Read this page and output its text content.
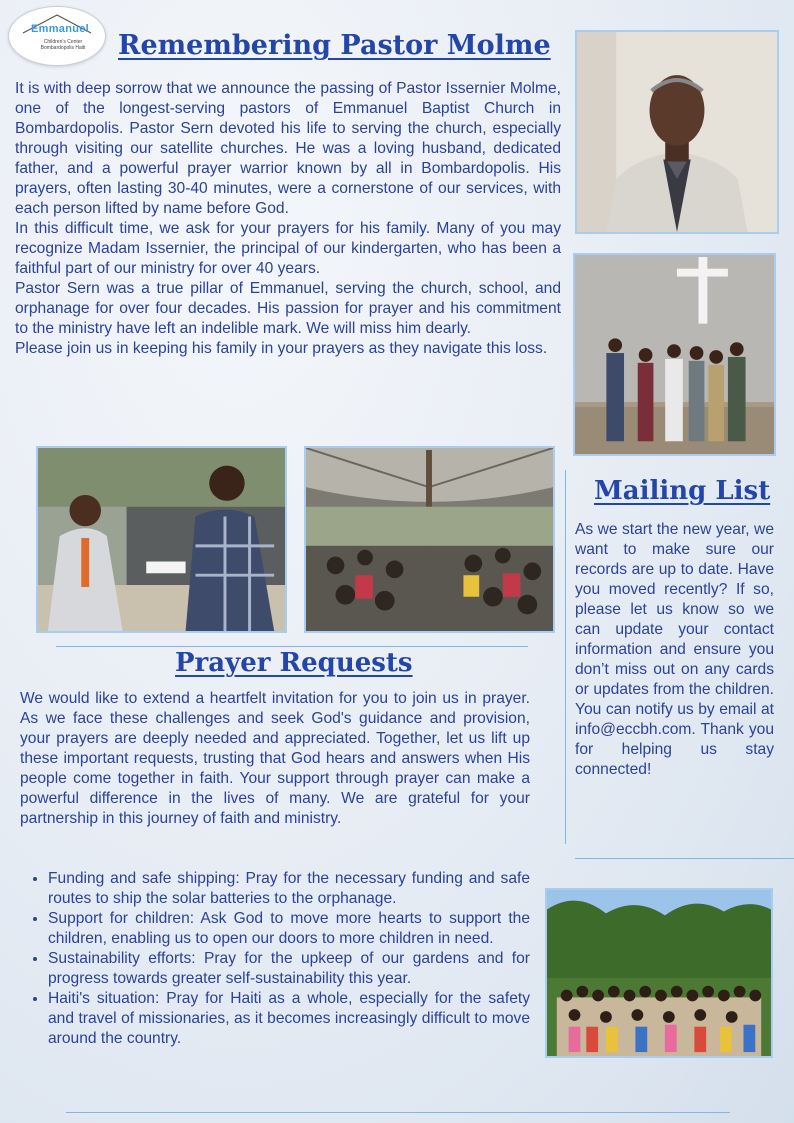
Emmanuel
Children's Center Bombardopolis Haiti Remembering Pastor Molme

It is with deep sorrow that we announce the passing of Pastor Issernier Molme, one of the longest-serving pastors of Emmanuel Baptist Church in Bombardopolis. Pastor Sern devoted his life to serving the church, especially through visiting our satellite churches. He was a loving husband, dedicated father, and a powerful prayer warrior known by all in Bombardopolis. His prayers, often lasting 30-40 minutes, were a cornerstone of our services, with each person lifted by name before God.

In this difficult time, we ask for your prayers for his family. Many of you may recognize Madam Issernier, the principal of our kindergarten, who has been a faithful part of our ministry for over 40 years.

Pastor Sern was a true pillar of Emmanuel, serving the church, school, and orphanage for over four decades. His passion for prayer and his commitment to the ministry have left an indelible mark. We will miss him dearly.

Please join us in keeping his family in your prayers as they navigate this loss.

Prayer Requests
We would like to extend a heartfelt invitation for you to join us in prayer. As we face these challenges and seek God's guidance and provision, your prayers are deeply needed and appreciated. Together, let us lift up these important requests, trusting that God hears and answers when His people come together in faith. Your support through prayer can make a powerful difference in the lives of many. We are grateful for your partnership in this journey of faith and ministry.
• Funding and safe shipping: Pray for the necessary funding and safe routes to ship the solar batteries to the orphanage.
• Support for children: Ask God to move more hearts to support the children, enabling us to open our doors to more children in need.
• Sustainability efforts: Pray for the upkeep of our gardens and for progress towards greater self-sustainability this year.
• Haiti's situation: Pray for Haiti as a whole, especially for the safety and travel of missionaries, as it becomes increasingly difficult to move around the country.
Mailing List
As we start the new year, we want to make sure our records are up to date. Have you moved recently? If so, please let us know so we can update your contact information and ensure you don’t miss out on any cards or updates from the children. You can notify us by email at info@eccbh.com. Thank you for helping us stay connected!
